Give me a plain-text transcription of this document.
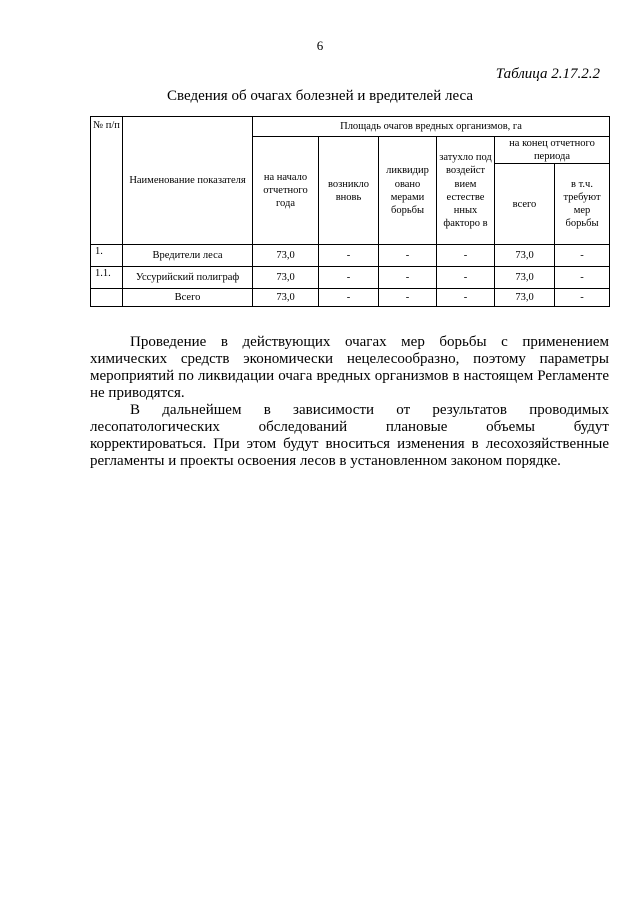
6
Таблица 2.17.2.2
Сведения об очагах болезней и вредителей леса
№ п/п	Наименование показателя	Площадь очагов вредных организмов, га					
		на начало отчетного года	возникло вновь	ликвидир овано мерами борьбы	затухло под воздейст вием естестве нных факторо в	на конец отчетного периода	
						всего	в т.ч. требуют мер борьбы
1.	Вредители леса	73,0	-	-	-	73,0	-
1.1.	Уссурийский полиграф	73,0	-	-	-	73,0	-
	Всего	73,0	-	-	-	73,0	-

Проведение в действующих очагах мер борьбы с применением химических средств экономически нецелесообразно, поэтому параметры мероприятий по ликвидации очага вредных организмов в настоящем Регламенте не приводятся.

В дальнейшем в зависимости от результатов проводимых

лесопатологических обследований плановые объемы будут

корректироваться. При этом будут вноситься изменения в лесохозяйственные регламенты и проекты освоения лесов в установленном законом порядке.
